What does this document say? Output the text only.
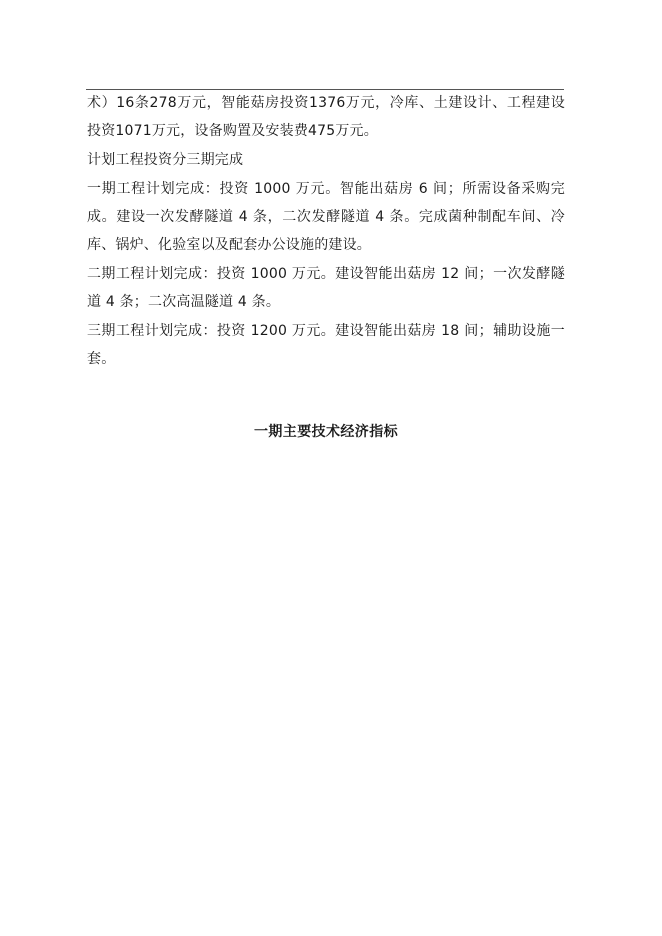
术）16条278万元，智能菇房投资1376万元，冷库、土建设计、工程建设投资1071万元，设备购置及安装费475万元。

计划工程投资分三期完成

一期工程计划完成：投资 1000 万元。智能出菇房 6 间；所需设备采购完成。建设一次发酵隧道 4 条，二次发酵隧道 4 条。完成菌种制配车间、冷库、锅炉、化验室以及配套办公设施的建设。

二期工程计划完成：投资 1000 万元。建设智能出菇房 12 间；一次发酵隧道 4 条；二次高温隧道 4 条。

三期工程计划完成：投资 1200 万元。建设智能出菇房 18 间；辅助设施一套。

一期主要技术经济指标
